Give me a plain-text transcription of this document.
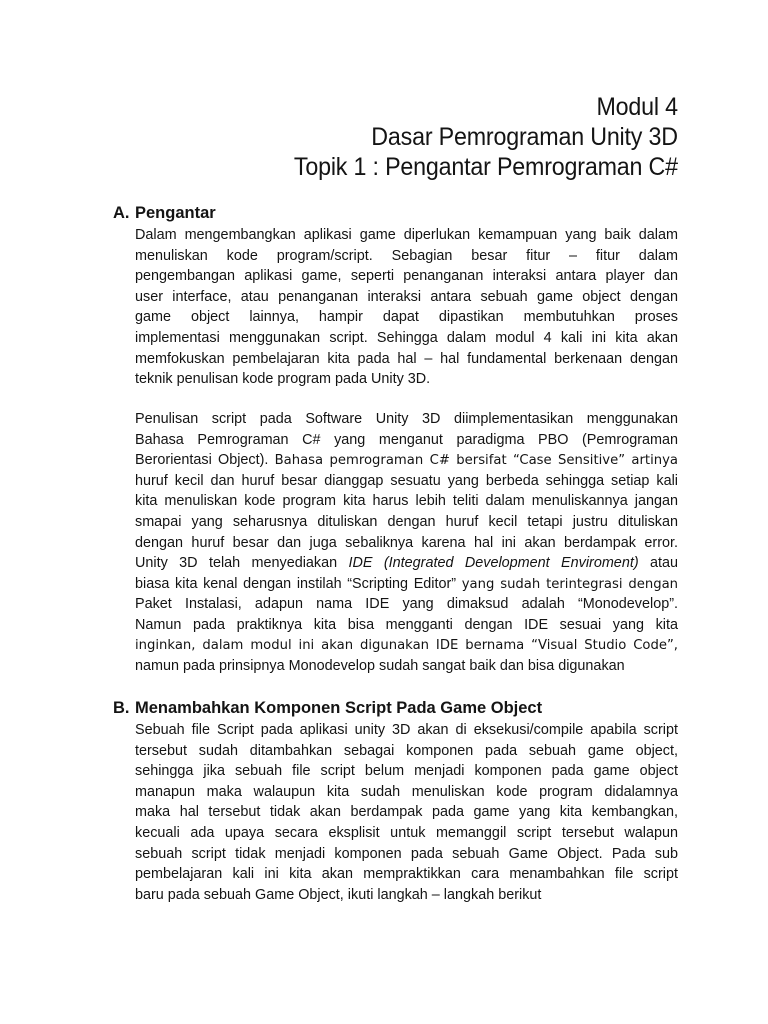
Modul 4
Dasar Pemrograman Unity 3D
Topik 1 : Pengantar Pemrograman C#
A. Pengantar
Dalam mengembangkan aplikasi game diperlukan kemampuan yang baik dalam
menuliskan kode program/script. Sebagian besar fitur – fitur dalam
pengembangan aplikasi game, seperti penanganan interaksi antara player dan
user interface, atau penanganan interaksi antara sebuah game object dengan
game object lainnya, hampir dapat dipastikan membutuhkan proses
implementasi menggunakan script. Sehingga dalam modul 4 kali ini kita akan
memfokuskan pembelajaran kita pada hal – hal fundamental berkenaan dengan
teknik penulisan kode program pada Unity 3D.
Penulisan script pada Software Unity 3D diimplementasikan menggunakan
Bahasa Pemrograman C# yang menganut paradigma PBO (Pemrograman
Berorientasi Object). Bahasa pemrograman C# bersifat “Case Sensitive” artinya
huruf kecil dan huruf besar dianggap sesuatu yang berbeda sehingga setiap kali
kita menuliskan kode program kita harus lebih teliti dalam menuliskannya jangan
smapai yang seharusnya dituliskan dengan huruf kecil tetapi justru dituliskan
dengan huruf besar dan juga sebaliknya karena hal ini akan berdampak error.
Unity 3D telah menyediakan IDE (Integrated Development Enviroment) atau
biasa kita kenal dengan instilah “Scripting Editor” yang sudah terintegrasi dengan
Paket Instalasi, adapun nama IDE yang dimaksud adalah “Monodevelop”.
Namun pada praktiknya kita bisa mengganti dengan IDE sesuai yang kita
inginkan, dalam modul ini akan digunakan IDE bernama “Visual Studio Code”,
namun pada prinsipnya Monodevelop sudah sangat baik dan bisa digunakan
B. Menambahkan Komponen Script Pada Game Object
Sebuah file Script pada aplikasi unity 3D akan di eksekusi/compile apabila script
tersebut sudah ditambahkan sebagai komponen pada sebuah game object,
sehingga jika sebuah file script belum menjadi komponen pada game object
manapun maka walaupun kita sudah menuliskan kode program didalamnya
maka hal tersebut tidak akan berdampak pada game yang kita kembangkan,
kecuali ada upaya secara eksplisit untuk memanggil script tersebut walapun
sebuah script tidak menjadi komponen pada sebuah Game Object. Pada sub
pembelajaran kali ini kita akan mempraktikkan cara menambahkan file script
baru pada sebuah Game Object, ikuti langkah – langkah berikut
